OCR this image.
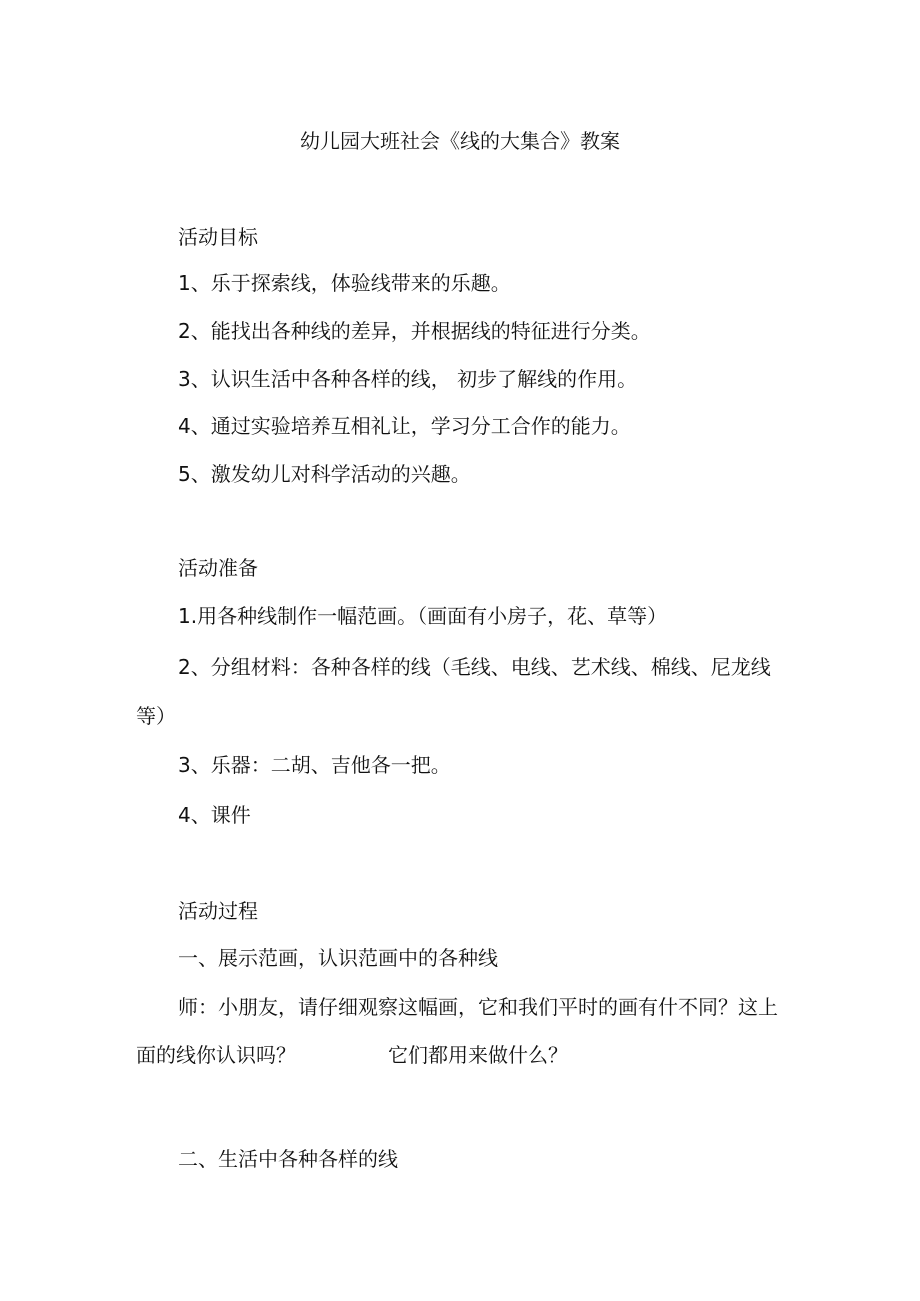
幼儿园大班社会《线的大集合》教案
活动目标
1、乐于探索线，体验线带来的乐趣。
2、能找出各种线的差异，并根据线的特征进行分类。
3、认识生活中各种各样的线， 初步了解线的作用。
4、通过实验培养互相礼让，学习分工合作的能力。
5、激发幼儿对科学活动的兴趣。
活动准备
1.用各种线制作一幅范画。（画面有小房子，花、草等）
2、分组材料：各种各样的线（毛线、电线、艺术线、棉线、尼龙线
等）
3、乐器：二胡、吉他各一把。
4、课件
活动过程
一、展示范画，认识范画中的各种线
师：小朋友，请仔细观察这幅画，它和我们平时的画有什不同？这上
面的线你认识吗？	它们都用来做什么？
二、生活中各种各样的线
